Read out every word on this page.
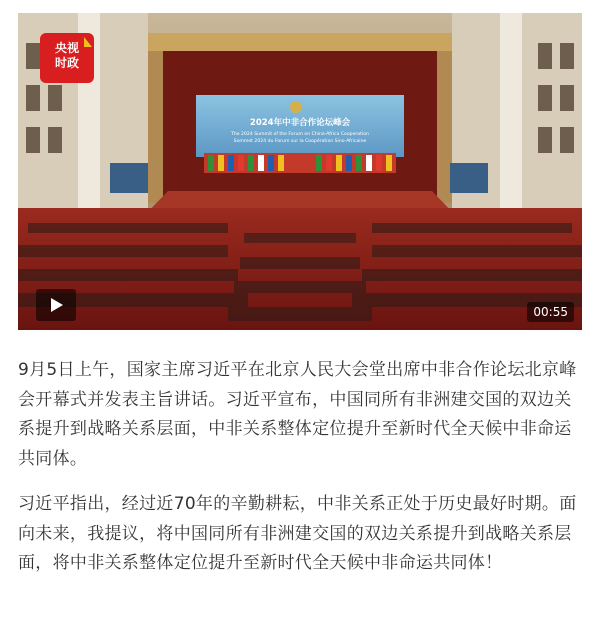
2024年中非合作论坛峰会
The 2024 Summit of the Forum on China-Africa Cooperation
Sommet 2024 du Forum sur la Coopération Sino-Africaine
央视
时政
00:55

9月5日上午，国家主席习近平在北京人民大会堂出席中非合作论坛北京峰会开幕式并发表主旨讲话。习近平宣布，中国同所有非洲建交国的双边关系提升到战略关系层面，中非关系整体定位提升至新时代全天候中非命运共同体。

习近平指出，经过近70年的辛勤耕耘，中非关系正处于历史最好时期。面向未来，我提议，将中国同所有非洲建交国的双边关系提升到战略关系层面，将中非关系整体定位提升至新时代全天候中非命运共同体！
